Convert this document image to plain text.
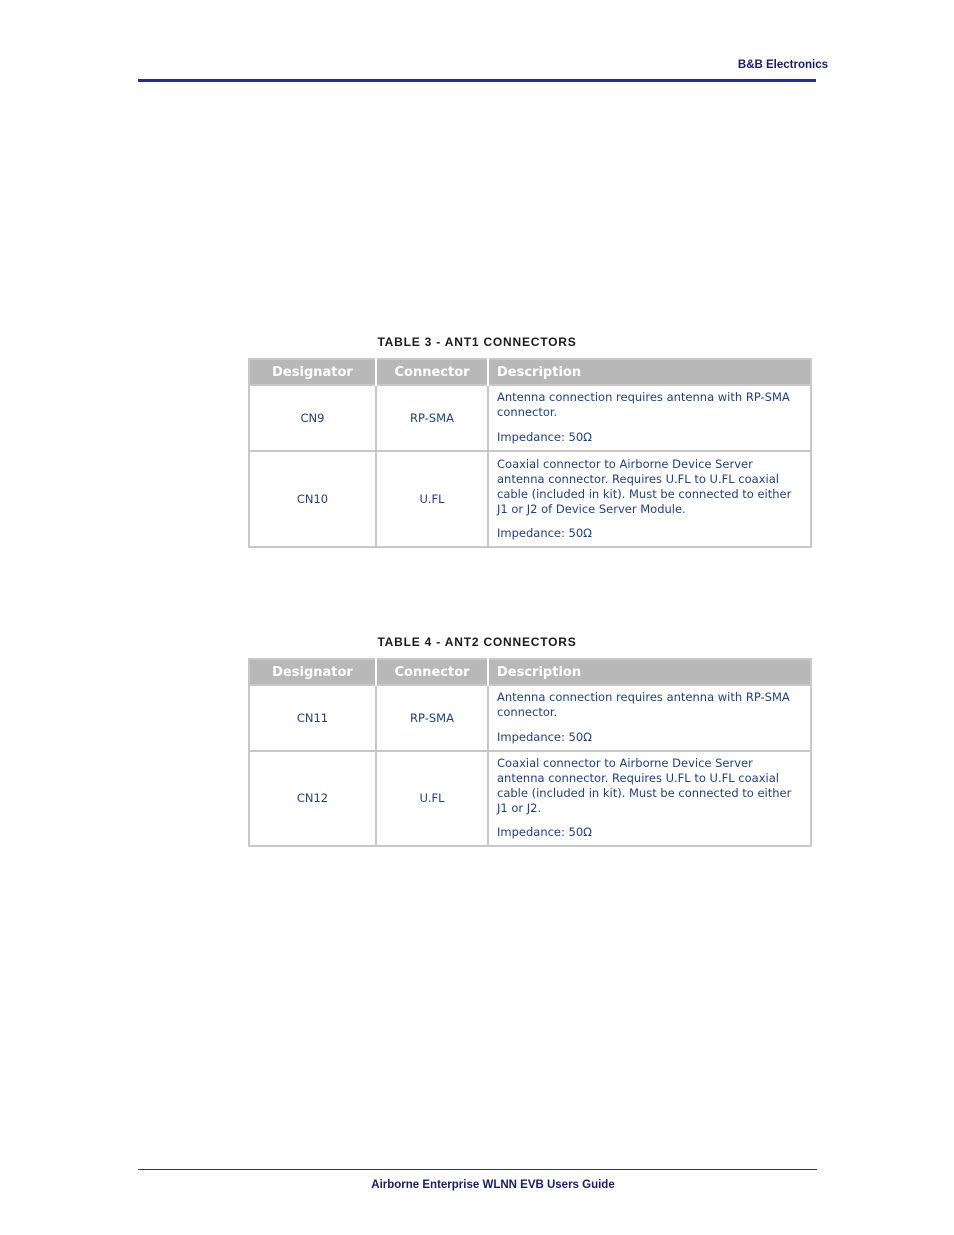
B&B Electronics
TABLE 3 - ANT1 CONNECTORS
Designator	Connector	Description
CN9	RP-SMA	Antenna connection requires antenna with RP-SMA connector.

Impedance: 50Ω

CN10	U.FL	Coaxial connector to Airborne Device Server antenna connector. Requires U.FL to U.FL coaxial cable (included in kit). Must be connected to either J1 or J2 of Device Server Module.

Impedance: 50Ω

TABLE 4 - ANT2 CONNECTORS
Designator	Connector	Description
CN11	RP-SMA	Antenna connection requires antenna with RP-SMA connector.

Impedance: 50Ω

CN12	U.FL	Coaxial connector to Airborne Device Server antenna connector. Requires U.FL to U.FL coaxial cable (included in kit). Must be connected to either J1 or J2.

Impedance: 50Ω

Airborne Enterprise WLNN EVB Users Guide
